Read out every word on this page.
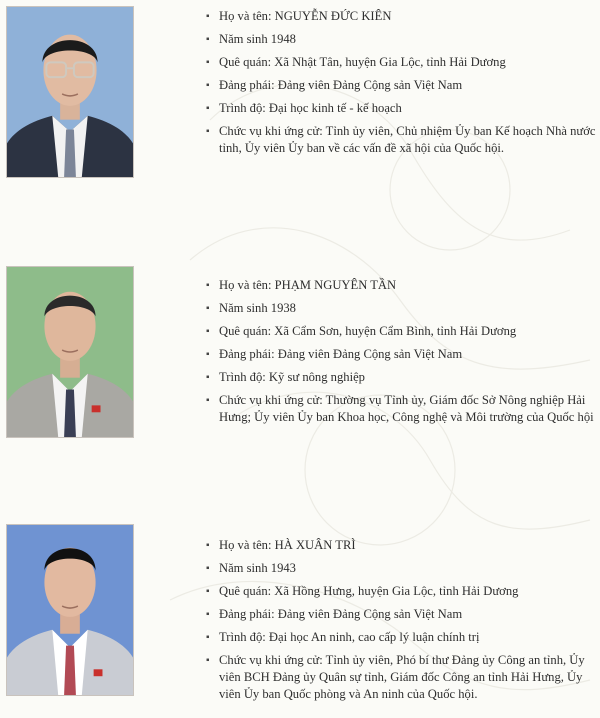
▪ Họ và tên: NGUYỄN ĐỨC KIÊN
▪ Năm sinh 1948
▪ Quê quán: Xã Nhật Tân, huyện Gia Lộc, tỉnh Hải Dương
▪ Đảng phái: Đảng viên Đảng Cộng sản Việt Nam
▪ Trình độ: Đại học kinh tế - kế hoạch
▪ Chức vụ khi ứng cử: Tỉnh ủy viên, Chủ nhiệm Ủy ban Kế hoạch Nhà nước tỉnh, Ủy viên Ủy ban về các vấn đề xã hội của Quốc hội.
▪ Họ và tên: PHẠM NGUYÊN TẦN
▪ Năm sinh 1938
▪ Quê quán: Xã Cẩm Sơn, huyện Cẩm Bình, tỉnh Hải Dương
▪ Đảng phái: Đảng viên Đảng Cộng sản Việt Nam
▪ Trình độ: Kỹ sư nông nghiệp
▪ Chức vụ khi ứng cử: Thường vụ Tỉnh ủy, Giám đốc Sở Nông nghiệp Hải Hưng; Ủy viên Ủy ban Khoa học, Công nghệ và Môi trường của Quốc hội
▪ Họ và tên: HÀ XUÂN TRÌ
▪ Năm sinh 1943
▪ Quê quán: Xã Hồng Hưng, huyện Gia Lộc, tỉnh Hải Dương
▪ Đảng phái: Đảng viên Đảng Cộng sản Việt Nam
▪ Trình độ: Đại học An ninh, cao cấp lý luận chính trị
▪ Chức vụ khi ứng cử: Tỉnh ủy viên, Phó bí thư Đảng ủy Công an tỉnh, Ủy viên BCH Đảng ủy Quân sự tỉnh, Giám đốc Công an tỉnh Hải Hưng, Ủy viên Ủy ban Quốc phòng và An ninh của Quốc hội.
